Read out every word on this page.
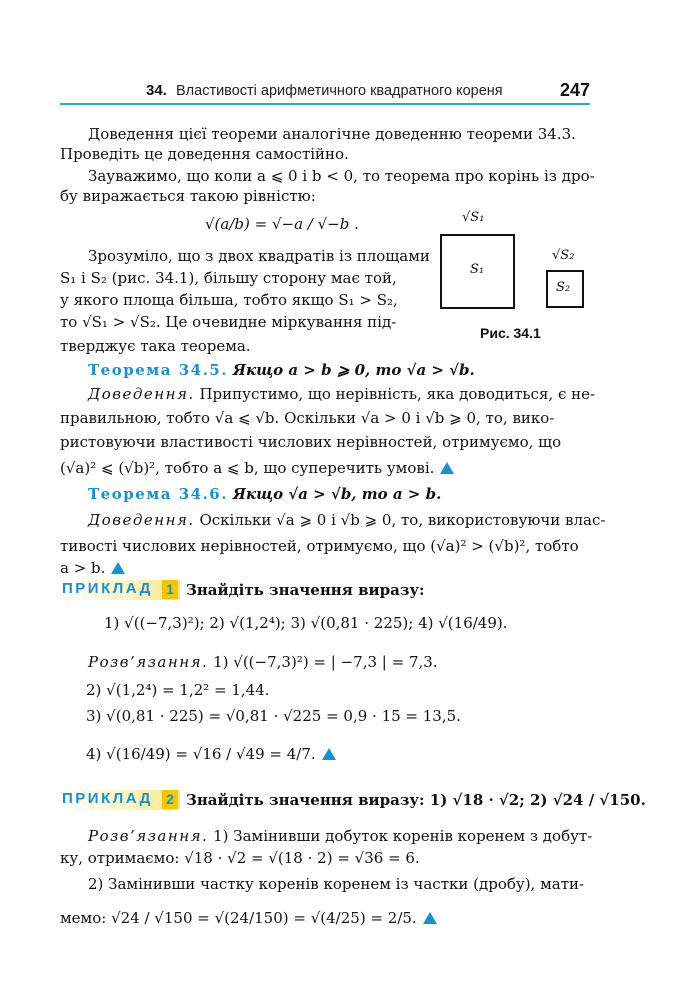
34. Властивості арифметичного квадратного кореня	247
Доведення цієї теореми аналогічне доведенню теореми 34.3.
Проведіть це доведення самостійно.
Зауважимо, що коли a ⩽ 0 і b < 0, то теорема про корінь із дро-
бу виражається такою рівністю:
√(a/b) = √−a / √−b .
Зрозуміло, що з двох квадратів із площами
S₁ і S₂ (рис. 34.1), більшу сторону має той,
у якого площа більша, тобто якщо S₁ > S₂,
то √S₁ > √S₂. Це очевидне міркування під-
тверджує така теорема.
√S₁
S₁
√S₂
S₂
Рис. 34.1
Теорема 34.5. Якщо a > b ⩾ 0, то √a > √b.
Доведення. Припустимо, що нерівність, яка доводиться, є не-
правильною, тобто √a ⩽ √b. Оскільки √a > 0 і √b ⩾ 0, то, вико-
ристовуючи властивості числових нерівностей, отримуємо, що
(√a)² ⩽ (√b)², тобто a ⩽ b, що суперечить умові.
Теорема 34.6. Якщо √a > √b, то a > b.
Доведення. Оскільки √a ⩾ 0 і √b ⩾ 0, то, використовуючи влас-
тивості числових нерівностей, отримуємо, що (√a)² > (√b)², тобто
a > b.
ПРИКЛАД 1 Знайдіть значення виразу:
1) √((−7,3)²); 2) √(1,2⁴); 3) √(0,81 · 225); 4) √(16/49).
Розв’язання. 1) √((−7,3)²) = | −7,3 | = 7,3.
2) √(1,2⁴) = 1,2² = 1,44.
3) √(0,81 · 225) = √0,81 · √225 = 0,9 · 15 = 13,5.
4) √(16/49) = √16 / √49 = 4/7.
ПРИКЛАД 2 Знайдіть значення виразу: 1) √18 · √2; 2) √24 / √150.
Розв’язання. 1) Замінивши добуток коренів коренем з добут-
ку, отримаємо: √18 · √2 = √(18 · 2) = √36 = 6.
2) Замінивши частку коренів коренем із частки (дробу), мати-
мемо: √24 / √150 = √(24/150) = √(4/25) = 2/5.
